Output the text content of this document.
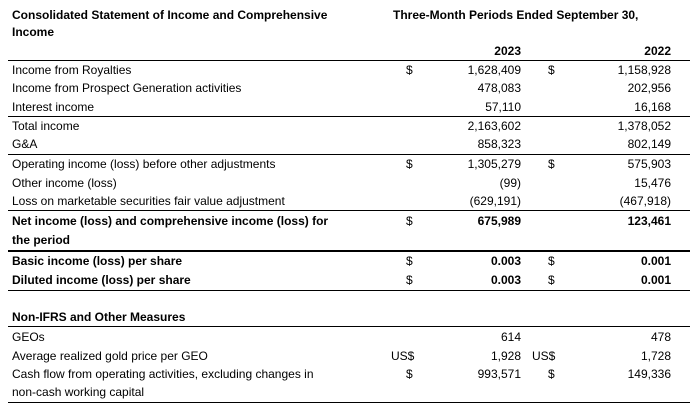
Consolidated Statement of Income and Comprehensive
Income
Three-Month Periods Ended September 30,
2023	2022
Income from Royalties	$	1,628,409 $	1,158,928
Income from Prospect Generation activities	478,083	202,956
Interest income	57,110	16,168
Total income	2,163,602	1,378,052
G&A	858,323	802,149
Operating income (loss) before other adjustments	$	1,305,279 $	575,903
Other income (loss)	(99)	15,476
Loss on marketable securities fair value adjustment	(629,191)	(467,918)
Net income (loss) and comprehensive income (loss) for
the period
$	675,989	123,461
Basic income (loss) per share	$	0.003 $	0.001
Diluted income (loss) per share	$	0.003 $	0.001
Non-IFRS and Other Measures
GEOs	614	478
Average realized gold price per GEO	US$	1,928 US$	1,728
Cash flow from operating activities, excluding changes in
non-cash working capital
$	993,571 $	149,336
